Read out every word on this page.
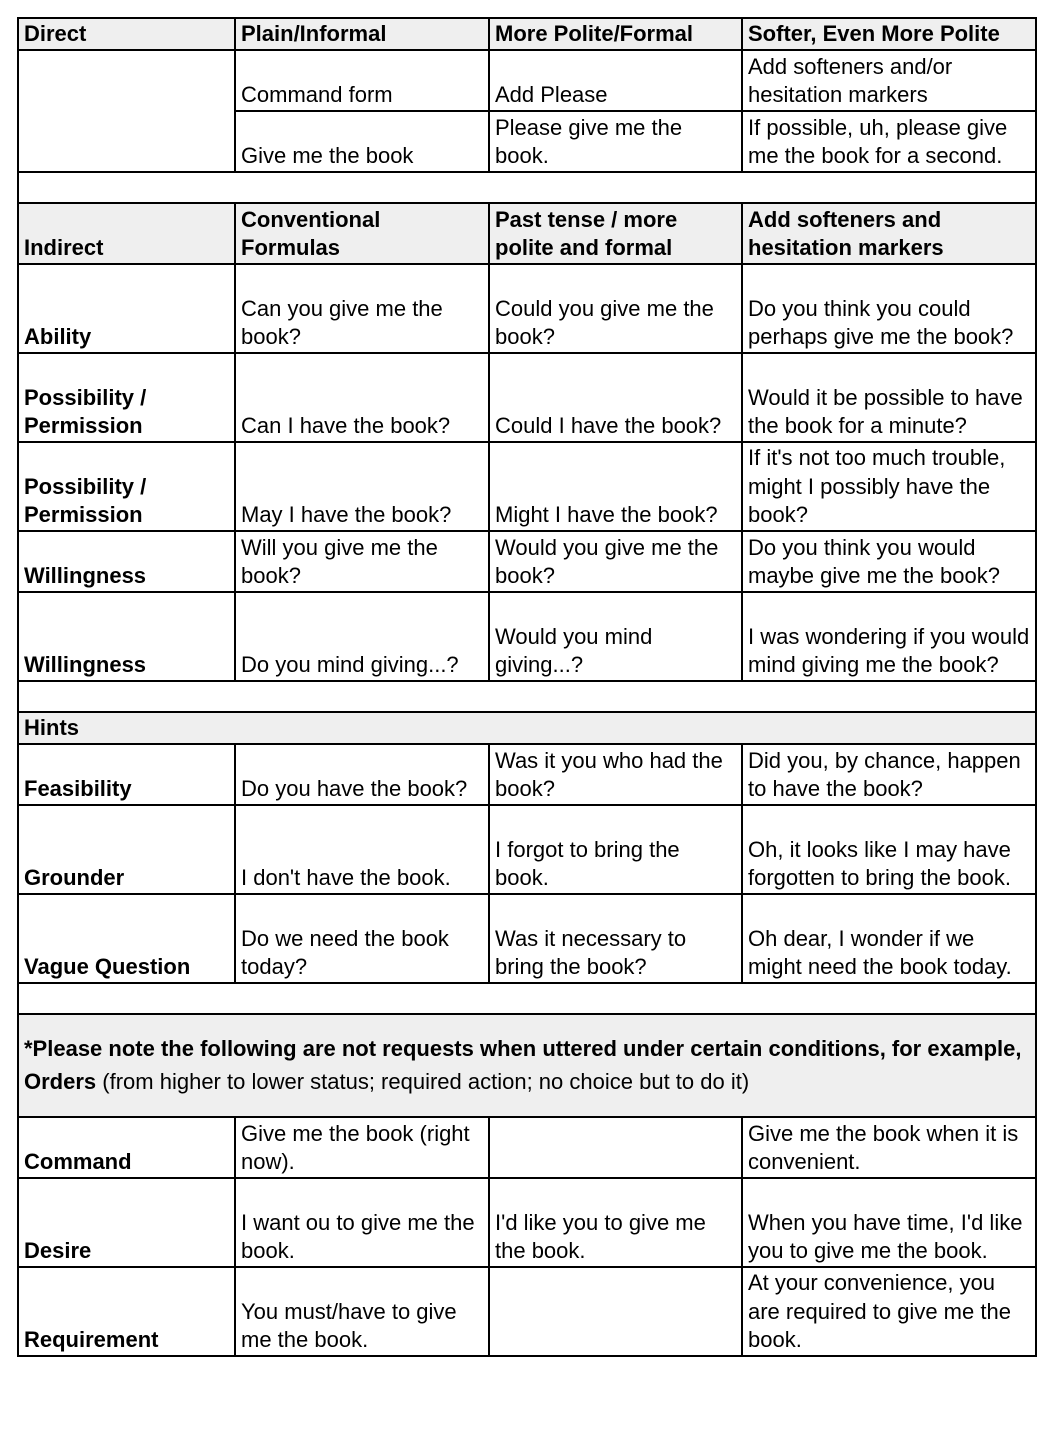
Direct	Plain/Informal	More Polite/Formal	Softer, Even More Polite
	Command form	Add Please	Add softeners and/or hesitation markers
	Give me the book	Please give me the book.	If possible, uh, please give me the book for a second.

Indirect	Conventional Formulas	Past tense / more polite and formal	Add softeners and hesitation markers
Ability	Can you give me the book?	Could you give me the book?	Do you think you could perhaps give me the book?
Possibility / Permission	Can I have the book?	Could I have the book?	Would it be possible to have the book for a minute?
Possibility / Permission	May I have the book?	Might I have the book?	If it's not too much trouble, might I possibly have the book?
Willingness	Will you give me the book?	Would you give me the book?	Do you think you would maybe give me the book?
Willingness	Do you mind giving...?	Would you mind giving...?	I was wondering if you would mind giving me the book?

Hints			
Feasibility	Do you have the book?	Was it you who had the book?	Did you, by chance, happen to have the book?
Grounder	I don't have the book.	I forgot to bring the book.	Oh, it looks like I may have forgotten to bring the book.
Vague Question	Do we need the book today?	Was it necessary to bring the book?	Oh dear, I wonder if we might need the book today.

*Please note the following are not requests when uttered under certain conditions, for example,
Orders (from higher to lower status; required action; no choice but to do it)			

Command	Give me the book (right now).		Give me the book when it is convenient.
Desire	I want ou to give me the book.	I'd like you to give me the book.	When you have time, I'd like you to give me the book.
Requirement	You must/have to give me the book.		At your convenience, you are required to give me the book.
